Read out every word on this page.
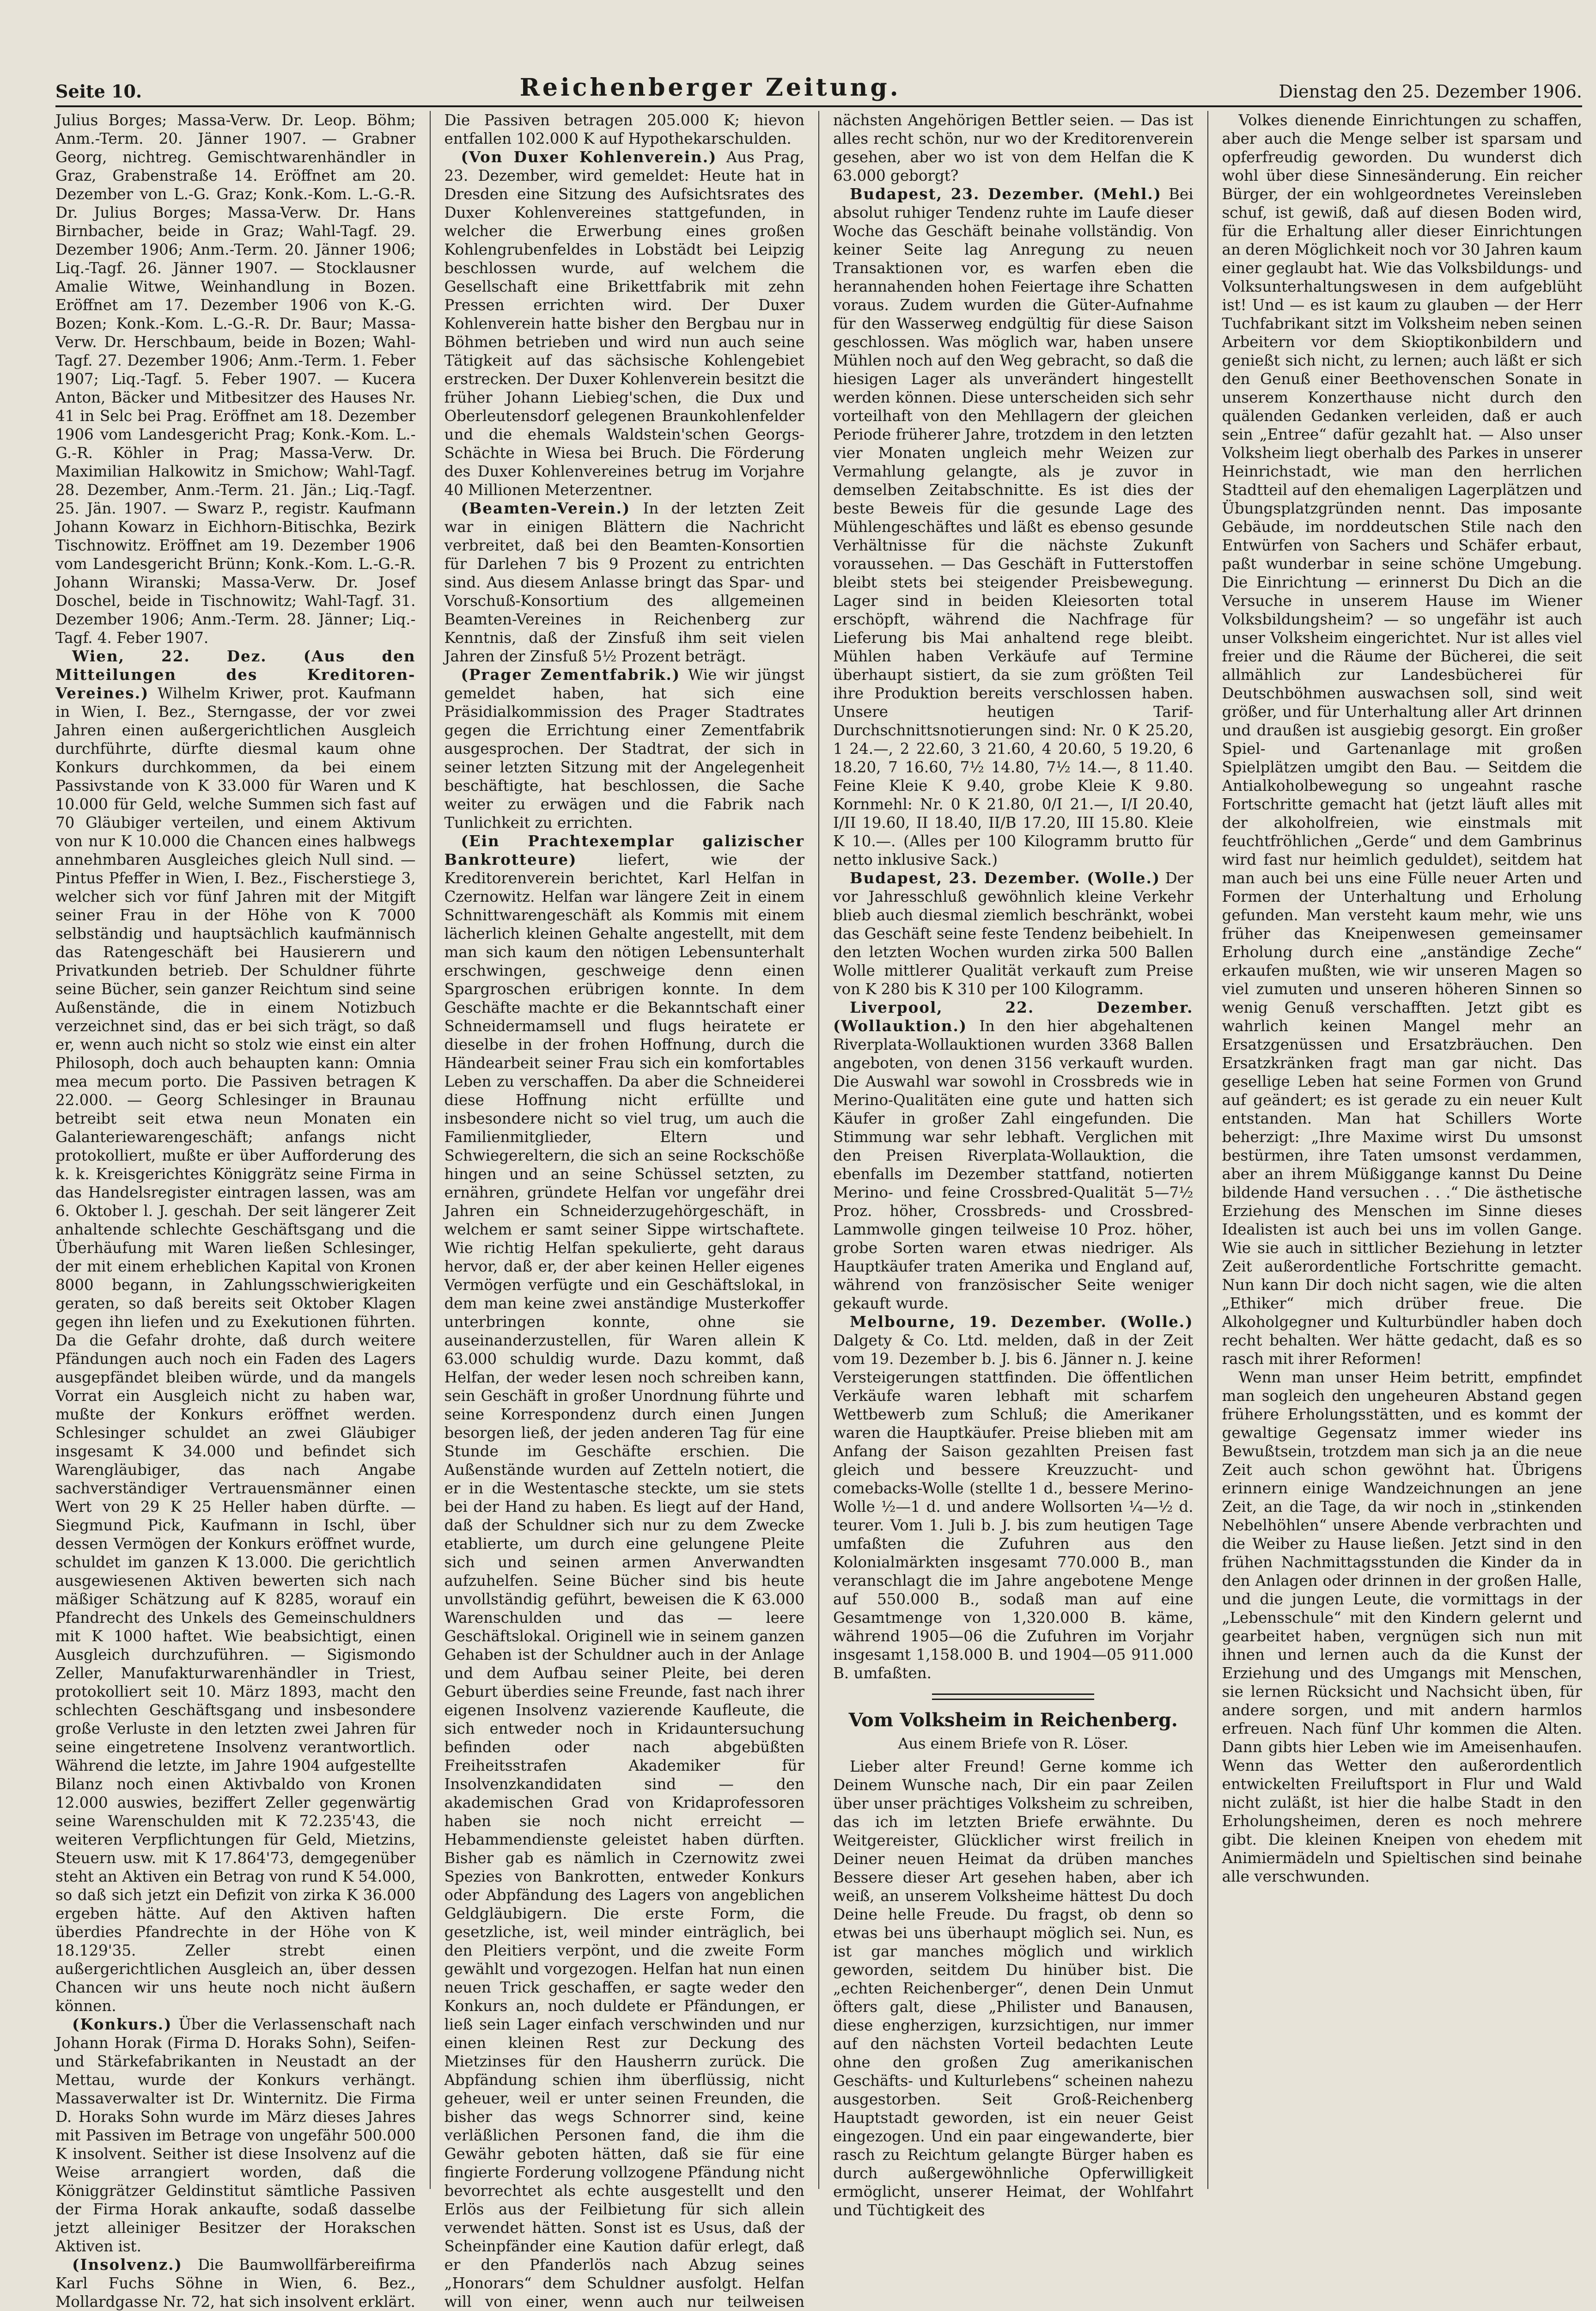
Seite 10.	Reichenberger Zeitung.	Dienstag den 25. Dezember 1906.

Julius Borges; Massa-Verw. Dr. Leop. Böhm; Anm.-Term. 20. Jänner 1907. — Grabner Georg, nichtreg. Gemischtwarenhändler in Graz, Grabenstraße 14. Eröffnet am 20. Dezember von L.-G. Graz; Konk.-Kom. L.-G.-R. Dr. Julius Borges; Massa-Verw. Dr. Hans Birnbacher, beide in Graz; Wahl-Tagf. 29. Dezember 1906; Anm.-Term. 20. Jänner 1906; Liq.-Tagf. 26. Jänner 1907. — Stocklausner Amalie Witwe, Weinhandlung in Bozen. Eröffnet am 17. Dezember 1906 von K.-G. Bozen; Konk.-Kom. L.-G.-R. Dr. Baur; Massa-Verw. Dr. Herschbaum, beide in Bozen; Wahl-Tagf. 27. Dezember 1906; Anm.-Term. 1. Feber 1907; Liq.-Tagf. 5. Feber 1907. — Kucera Anton, Bäcker und Mitbesitzer des Hauses Nr. 41 in Selc bei Prag. Eröffnet am 18. Dezember 1906 vom Landesgericht Prag; Konk.-Kom. L.-G.-R. Köhler in Prag; Massa-Verw. Dr. Maximilian Halkowitz in Smichow; Wahl-Tagf. 28. Dezember, Anm.-Term. 21. Jän.; Liq.-Tagf. 25. Jän. 1907. — Swarz P., registr. Kaufmann Johann Kowarz in Eichhorn-Bitischka, Bezirk Tischnowitz. Eröffnet am 19. Dezember 1906 vom Landesgericht Brünn; Konk.-Kom. L.-G.-R. Johann Wiranski; Massa-Verw. Dr. Josef Doschel, beide in Tischnowitz; Wahl-Tagf. 31. Dezember 1906; Anm.-Term. 28. Jänner; Liq.-Tagf. 4. Feber 1907.

Wien, 22. Dez. (Aus den Mitteilungen des Kreditoren-Vereines.) Wilhelm Kriwer, prot. Kaufmann in Wien, I. Bez., Sterngasse, der vor zwei Jahren einen außergerichtlichen Ausgleich durchführte, dürfte diesmal kaum ohne Konkurs durchkommen, da bei einem Passivstande von K 33.000 für Waren und K 10.000 für Geld, welche Summen sich fast auf 70 Gläubiger verteilen, und einem Aktivum von nur K 10.000 die Chancen eines halbwegs annehmbaren Ausgleiches gleich Null sind. — Pintus Pfeffer in Wien, I. Bez., Fischerstiege 3, welcher sich vor fünf Jahren mit der Mitgift seiner Frau in der Höhe von K 7000 selbständig und hauptsächlich kaufmännisch das Ratengeschäft bei Hausierern und Privatkunden betrieb. Der Schuldner führte seine Bücher, sein ganzer Reichtum sind seine Außenstände, die in einem Notizbuch verzeichnet sind, das er bei sich trägt, so daß er, wenn auch nicht so stolz wie einst ein alter Philosoph, doch auch behaupten kann: Omnia mea mecum porto. Die Passiven betragen K 22.000. — Georg Schlesinger in Braunau betreibt seit etwa neun Monaten ein Galanteriewarengeschäft; anfangs nicht protokolliert, mußte er über Aufforderung des k. k. Kreisgerichtes Königgrätz seine Firma in das Handelsregister eintragen lassen, was am 6. Oktober l. J. geschah. Der seit längerer Zeit anhaltende schlechte Geschäftsgang und die Überhäufung mit Waren ließen Schlesinger, der mit einem erheblichen Kapital von Kronen 8000 begann, in Zahlungsschwierigkeiten geraten, so daß bereits seit Oktober Klagen gegen ihn liefen und zu Exekutionen führten. Da die Gefahr drohte, daß durch weitere Pfändungen auch noch ein Faden des Lagers ausgepfändet bleiben würde, und da mangels Vorrat ein Ausgleich nicht zu haben war, mußte der Konkurs eröffnet werden. Schlesinger schuldet an zwei Gläubiger insgesamt K 34.000 und befindet sich Warengläubiger, das nach Angabe sachverständiger Vertrauensmänner einen Wert von 29 K 25 Heller haben dürfte. — Siegmund Pick, Kaufmann in Ischl, über dessen Vermögen der Konkurs eröffnet wurde, schuldet im ganzen K 13.000. Die gerichtlich ausgewiesenen Aktiven bewerten sich nach mäßiger Schätzung auf K 8285, worauf ein Pfandrecht des Unkels des Gemeinschuldners mit K 1000 haftet. Wie beabsichtigt, einen Ausgleich durchzuführen. — Sigismondo Zeller, Manufakturwarenhändler in Triest, protokolliert seit 10. März 1893, macht den schlechten Geschäftsgang und insbesondere große Verluste in den letzten zwei Jahren für seine eingetretene Insolvenz verantwortlich. Während die letzte, im Jahre 1904 aufgestellte Bilanz noch einen Aktivbaldo von Kronen 12.000 auswies, beziffert Zeller gegenwärtig seine Warenschulden mit K 72.235'43, die weiteren Verpflichtungen für Geld, Mietzins, Steuern usw. mit K 17.864'73, demgegenüber steht an Aktiven ein Betrag von rund K 54.000, so daß sich jetzt ein Defizit von zirka K 36.000 ergeben hätte. Auf den Aktiven haften überdies Pfandrechte in der Höhe von K 18.129'35. Zeller strebt einen außergerichtlichen Ausgleich an, über dessen Chancen wir uns heute noch nicht äußern können.

(Konkurs.) Über die Verlassenschaft nach Johann Horak (Firma D. Horaks Sohn), Seifen- und Stärkefabrikanten in Neustadt an der Mettau, wurde der Konkurs verhängt. Massaverwalter ist Dr. Winternitz. Die Firma D. Horaks Sohn wurde im März dieses Jahres mit Passiven im Betrage von ungefähr 500.000 K insolvent. Seither ist diese Insolvenz auf die Weise arrangiert worden, daß die Königgrätzer Geldinstitut sämtliche Passiven der Firma Horak ankaufte, sodaß dasselbe jetzt alleiniger Besitzer der Horakschen Aktiven ist.

(Insolvenz.) Die Baumwollfärbereifirma Karl Fuchs Söhne in Wien, 6. Bez., Mollardgasse Nr. 72, hat sich insolvent erklärt.

Die Passiven betragen 205.000 K; hievon entfallen 102.000 K auf Hypothekarschulden.

(Von Duxer Kohlenverein.) Aus Prag, 23. Dezember, wird gemeldet: Heute hat in Dresden eine Sitzung des Aufsichtsrates des Duxer Kohlenvereines stattgefunden, in welcher die Erwerbung eines großen Kohlengrubenfeldes in Lobstädt bei Leipzig beschlossen wurde, auf welchem die Gesellschaft eine Brikettfabrik mit zehn Pressen errichten wird. Der Duxer Kohlenverein hatte bisher den Bergbau nur in Böhmen betrieben und wird nun auch seine Tätigkeit auf das sächsische Kohlengebiet erstrecken. Der Duxer Kohlenverein besitzt die früher Johann Liebieg'schen, die Dux und Oberleutensdorf gelegenen Braunkohlenfelder und die ehemals Waldstein'schen Georgs-Schächte in Wiesa bei Bruch. Die Förderung des Duxer Kohlenvereines betrug im Vorjahre 40 Millionen Meterzentner.

(Beamten-Verein.) In der letzten Zeit war in einigen Blättern die Nachricht verbreitet, daß bei den Beamten-Konsortien für Darlehen 7 bis 9 Prozent zu entrichten sind. Aus diesem Anlasse bringt das Spar- und Vorschuß-Konsortium des allgemeinen Beamten-Vereines in Reichenberg zur Kenntnis, daß der Zinsfuß ihm seit vielen Jahren der Zinsfuß 5½ Prozent beträgt.

(Prager Zementfabrik.) Wie wir jüngst gemeldet haben, hat sich eine Präsidialkommission des Prager Stadtrates gegen die Errichtung einer Zementfabrik ausgesprochen. Der Stadtrat, der sich in seiner letzten Sitzung mit der Angelegenheit beschäftigte, hat beschlossen, die Sache weiter zu erwägen und die Fabrik nach Tunlichkeit zu errichten.

(Ein Prachtexemplar galizischer Bankrotteure)	liefert, wie der Kreditorenverein berichtet, Karl Helfan in Czernowitz. Helfan war längere Zeit in einem Schnittwarengeschäft als Kommis mit einem lächerlich kleinen Gehalte angestellt, mit dem man sich kaum den nötigen Lebensunterhalt erschwingen, geschweige denn einen Spargroschen erübrigen konnte. In dem Geschäfte machte er die Bekanntschaft einer Schneidermamsell und flugs heiratete er dieselbe in der frohen Hoffnung, durch die Händearbeit seiner Frau sich ein komfortables Leben zu verschaffen. Da aber die Schneiderei diese Hoffnung nicht erfüllte und insbesondere nicht so viel trug, um auch die Familienmitglieder, Eltern und Schwiegereltern, die sich an seine Rockschöße hingen und an seine Schüssel setzten, zu ernähren, gründete Helfan vor ungefähr drei Jahren ein Schneiderzugehörgeschäft, in welchem er samt seiner Sippe wirtschaftete. Wie richtig Helfan spekulierte, geht daraus hervor, daß er, der aber keinen Heller eigenes Vermögen verfügte und ein Geschäftslokal, in dem man keine zwei anständige Musterkoffer unterbringen konnte, ohne sie auseinanderzustellen, für Waren allein K 63.000 schuldig wurde. Dazu kommt, daß Helfan, der weder lesen noch schreiben kann, sein Geschäft in großer Unordnung führte und seine Korrespondenz durch einen Jungen besorgen ließ, der jeden anderen Tag für eine Stunde im Geschäfte erschien. Die Außenstände wurden auf Zetteln notiert, die er in die Westentasche steckte, um sie stets bei der Hand zu haben. Es liegt auf der Hand, daß der Schuldner sich nur zu dem Zwecke etablierte, um durch eine gelungene Pleite sich und seinen armen Anverwandten aufzuhelfen. Seine Bücher sind bis heute unvollständig geführt, beweisen die K 63.000 Warenschulden und das — leere Geschäftslokal. Originell wie in seinem ganzen Gehaben ist der Schuldner auch in der Anlage und dem Aufbau seiner Pleite, bei deren Geburt überdies seine Freunde, fast nach ihrer eigenen Insolvenz vazierende Kaufleute, die sich entweder noch in Kridauntersuchung befinden oder nach abgebüßten Freiheitsstrafen Akademiker für Insolvenzkandidaten sind — den akademischen Grad von Kridaprofessoren haben sie noch nicht erreicht — Hebammendienste geleistet haben dürften. Bisher gab es nämlich in Czernowitz zwei Spezies von Bankrotten, entweder Konkurs oder Abpfändung des Lagers von angeblichen Geldgläubigern. Die erste Form, die gesetzliche, ist, weil minder einträglich, bei den Pleitiers verpönt, und die zweite Form gewählt und vorgezogen. Helfan hat nun einen neuen Trick geschaffen, er sagte weder den Konkurs an, noch duldete er Pfändungen, er ließ sein Lager einfach verschwinden und nur einen kleinen Rest zur Deckung des Mietzinses für den Hausherrn zurück. Die Abpfändung schien ihm überflüssig, nicht geheuer, weil er unter seinen Freunden, die bisher das wegs Schnorrer sind, keine verläßlichen Personen fand, die ihm die Gewähr geboten hätten, daß sie für eine fingierte Forderung vollzogene Pfändung nicht bevorrechtet als echte ausgestellt und den Erlös aus der Feilbietung für sich allein verwendet hätten. Sonst ist es Usus, daß der Scheinpfänder eine Kaution dafür erlegt, daß er den Pfanderlös nach Abzug seines „Honorars“ dem Schuldner ausfolgt. Helfan will von einer, wenn auch nur teilweisen

nächsten Angehörigen Bettler seien. — Das ist alles recht schön, nur wo der Kreditorenverein gesehen, aber wo ist von dem Helfan die K 63.000 geborgt?

Budapest, 23. Dezember. (Mehl.) Bei absolut ruhiger Tendenz ruhte im Laufe dieser Woche das Geschäft beinahe vollständig. Von keiner Seite lag Anregung zu neuen Transaktionen vor, es warfen eben die herannahenden hohen Feiertage ihre Schatten voraus. Zudem wurden die Güter-Aufnahme für den Wasserweg endgültig für diese Saison geschlossen. Was möglich war, haben unsere Mühlen noch auf den Weg gebracht, so daß die hiesigen Lager als unverändert hingestellt werden können. Diese unterscheiden sich sehr vorteilhaft von den Mehllagern der gleichen Periode früherer Jahre, trotzdem in den letzten vier Monaten ungleich mehr Weizen zur Vermahlung gelangte, als je zuvor in demselben Zeitabschnitte. Es ist dies der beste Beweis für die gesunde Lage des Mühlengeschäftes und läßt es ebenso gesunde Verhältnisse für die nächste Zukunft voraussehen. — Das Geschäft in Futterstoffen bleibt stets bei steigender Preisbewegung. Lager sind in beiden Kleiesorten total erschöpft, während die Nachfrage für Lieferung bis Mai anhaltend rege bleibt. Mühlen haben Verkäufe auf Termine überhaupt sistiert, da sie zum größten Teil ihre Produktion bereits verschlossen haben. Unsere heutigen Tarif-Durchschnittsnotierungen sind: Nr. 0 K 25.20, 1 24.—, 2 22.60, 3 21.60, 4 20.60, 5 19.20, 6 18.20, 7 16.60, 7½ 14.80, 7½ 14.—, 8 11.40. Feine Kleie K 9.40, grobe Kleie K 9.80. Kornmehl: Nr. 0 K 21.80, 0/I 21.—, I/I 20.40, I/II 19.60, II 18.40, II/B 17.20, III 15.80. Kleie K 10.—. (Alles per 100 Kilogramm brutto für netto inklusive Sack.)

Budapest, 23. Dezember. (Wolle.) Der vor Jahresschluß gewöhnlich kleine Verkehr blieb auch diesmal ziemlich beschränkt, wobei das Geschäft seine feste Tendenz beibehielt. In den letzten Wochen wurden zirka 500 Ballen Wolle mittlerer Qualität verkauft zum Preise von K 280 bis K 310 per 100 Kilogramm.

Liverpool, 22. Dezember. (Wollauktion.) In den hier abgehaltenen Riverplata-Wollauktionen wurden 3368 Ballen angeboten, von denen 3156 verkauft wurden. Die Auswahl war sowohl in Crossbreds wie in Merino-Qualitäten eine gute und hatten sich Käufer in großer Zahl eingefunden. Die Stimmung war sehr lebhaft. Verglichen mit den Preisen Riverplata-Wollauktion, die ebenfalls im Dezember stattfand, notierten Merino- und feine Crossbred-Qualität 5—7½ Proz. höher, Crossbreds- und Crossbred-Lammwolle gingen teilweise 10 Proz. höher, grobe Sorten waren etwas niedriger. Als Hauptkäufer traten Amerika und England auf, während von französischer Seite weniger gekauft wurde.

Melbourne, 19. Dezember. (Wolle.) Dalgety & Co. Ltd. melden, daß in der Zeit vom 19. Dezember b. J. bis 6. Jänner n. J. keine Versteigerungen stattfinden. Die öffentlichen Verkäufe waren lebhaft mit scharfem Wettbewerb zum Schluß; die Amerikaner waren die Hauptkäufer. Preise blieben mit am Anfang der Saison gezahlten Preisen fast gleich und bessere Kreuzzucht- und comebacks-Wolle (stellte 1 d., bessere Merino-Wolle ½—1 d. und andere Wollsorten ¼—½ d. teurer. Vom 1. Juli b. J. bis zum heutigen Tage umfaßten die Zufuhren aus den Kolonialmärkten insgesamt 770.000 B., man veranschlagt die im Jahre angebotene Menge auf 550.000 B., sodaß man auf eine Gesamtmenge von 1,320.000 B. käme, während 1905—06 die Zufuhren im Vorjahr insgesamt 1,158.000 B. und 1904—05 911.000 B. umfaßten.

Vom Volksheim in Reichenberg.
Aus einem Briefe von R. Löser.

Lieber alter Freund! Gerne komme ich Deinem Wunsche nach, Dir ein paar Zeilen über unser prächtiges Volksheim zu schreiben, das ich im letzten Briefe erwähnte. Du Weitgereister, Glücklicher wirst freilich in Deiner neuen Heimat da drüben manches Bessere dieser Art gesehen haben, aber ich weiß, an unserem Volksheime hättest Du doch Deine helle Freude. Du fragst, ob denn so etwas bei uns überhaupt möglich sei. Nun, es ist gar manches möglich und wirklich geworden, seitdem Du hinüber bist. Die „echten Reichenberger“, denen Dein Unmut öfters galt, diese „Philister und Banausen, diese engherzigen, kurzsichtigen, nur immer auf den nächsten Vorteil bedachten Leute ohne den großen Zug amerikanischen Geschäfts- und Kulturlebens“ scheinen nahezu ausgestorben. Seit Groß-Reichenberg Hauptstadt geworden, ist ein neuer Geist eingezogen. Und ein paar eingewanderte, bier rasch zu Reichtum gelangte Bürger haben es durch außergewöhnliche Opferwilligkeit ermöglicht, unserer Heimat, der Wohlfahrt und Tüchtigkeit des

Volkes dienende Einrichtungen zu schaffen, aber auch die Menge selber ist sparsam und opferfreudig geworden. Du wunderst dich wohl über diese Sinnesänderung. Ein reicher Bürger, der ein wohlgeordnetes Vereinsleben schuf, ist gewiß, daß auf diesen Boden wird, für die Erhaltung aller dieser Einrichtungen an deren Möglichkeit noch vor 30 Jahren kaum einer geglaubt hat. Wie das Volksbildungs- und Volksunterhaltungswesen in dem aufgeblüht ist! Und — es ist kaum zu glauben — der Herr Tuchfabrikant sitzt im Volksheim neben seinen Arbeitern vor dem Skioptikonbildern und genießt sich nicht, zu lernen; auch läßt er sich den Genuß einer Beethovenschen Sonate in unserem Konzerthause nicht durch den quälenden Gedanken verleiden, daß er auch sein „Entree“ dafür gezahlt hat. — Also unser Volksheim liegt oberhalb des Parkes in unserer Heinrichstadt, wie man den herrlichen Stadtteil auf den ehemaligen Lagerplätzen und Übungsplatzgründen nennt. Das imposante Gebäude, im norddeutschen Stile nach den Entwürfen von Sachers und Schäfer erbaut, paßt wunderbar in seine schöne Umgebung. Die Einrichtung — erinnerst Du Dich an die Versuche in unserem Hause im Wiener Volksbildungsheim? — so ungefähr ist auch unser Volksheim eingerichtet. Nur ist alles viel freier und die Räume der Bücherei, die seit allmählich zur Landesbücherei für Deutschböhmen auswachsen soll, sind weit größer, und für Unterhaltung aller Art drinnen und draußen ist ausgiebig gesorgt. Ein großer Spiel- und Gartenanlage mit großen Spielplätzen umgibt den Bau. — Seitdem die Antialkoholbewegung so ungeahnt rasche Fortschritte gemacht hat (jetzt läuft alles mit der alkoholfreien, wie einstmals mit feuchtfröhlichen „Gerde“ und dem Gambrinus wird fast nur heimlich geduldet), seitdem hat man auch bei uns eine Fülle neuer Arten und Formen der Unterhaltung und Erholung gefunden. Man versteht kaum mehr, wie uns früher das Kneipenwesen gemeinsamer Erholung durch eine „anständige Zeche“ erkaufen mußten, wie wir unseren Magen so viel zumuten und unseren höheren Sinnen so wenig Genuß verschafften. Jetzt gibt es wahrlich keinen Mangel mehr an Ersatzgenüssen und Ersatzbräuchen. Den Ersatzkränken fragt man gar nicht. Das gesellige Leben hat seine Formen von Grund auf geändert; es ist gerade zu ein neuer Kult entstanden. Man hat Schillers Worte beherzigt: „Ihre Maxime wirst Du umsonst bestürmen, ihre Taten umsonst verdammen, aber an ihrem Müßiggange kannst Du Deine bildende Hand versuchen . . .“ Die ästhetische Erziehung des Menschen im Sinne dieses Idealisten ist auch bei uns im vollen Gange. Wie sie auch in sittlicher Beziehung in letzter Zeit außerordentliche Fortschritte gemacht. Nun kann Dir doch nicht sagen, wie die alten „Ethiker“ mich drüber freue. Die Alkoholgegner und Kulturbündler haben doch recht behalten. Wer hätte gedacht, daß es so rasch mit ihrer Reformen!

Wenn man unser Heim betritt, empfindet man sogleich den ungeheuren Abstand gegen frühere Erholungsstätten, und es kommt der gewaltige Gegensatz immer wieder ins Bewußtsein, trotzdem man sich ja an die neue Zeit auch schon gewöhnt hat. Übrigens erinnern einige Wandzeichnungen an jene Zeit, an die Tage, da wir noch in „stinkenden Nebelhöhlen“ unsere Abende verbrachten und die Weiber zu Hause ließen. Jetzt sind in den frühen Nachmittagsstunden die Kinder da in den Anlagen oder drinnen in der großen Halle, und die jungen Leute, die vormittags in der „Lebensschule“ mit den Kindern gelernt und gearbeitet haben, vergnügen sich nun mit ihnen und lernen auch da die Kunst der Erziehung und des Umgangs mit Menschen, sie lernen Rücksicht und Nachsicht üben, für andere sorgen, und mit andern harmlos erfreuen. Nach fünf Uhr kommen die Alten. Dann gibts hier Leben wie im Ameisenhaufen. Wenn das Wetter den außerordentlich entwickelten Freiluftsport in Flur und Wald nicht zuläßt, ist hier die halbe Stadt in den Erholungsheimen, deren es noch mehrere gibt. Die kleinen Kneipen von ehedem mit Animiermädeln und Spieltischen sind beinahe alle verschwunden.
